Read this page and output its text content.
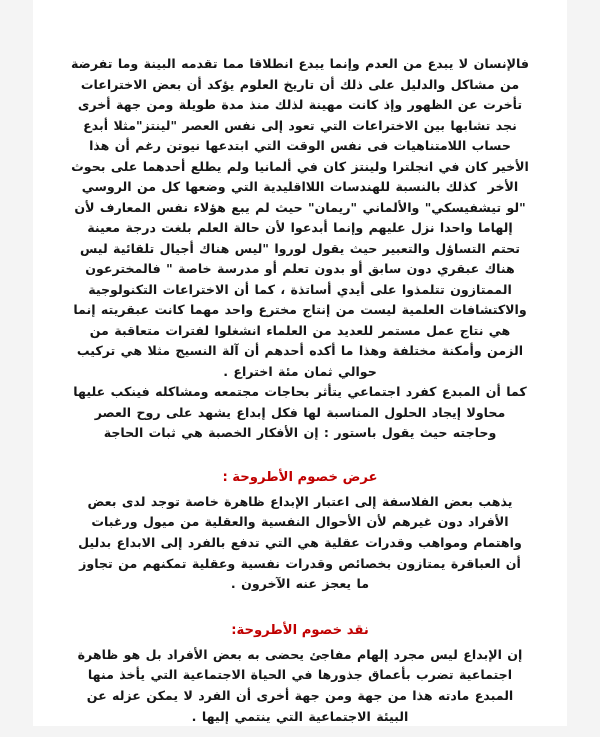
فالإنسان لا يبدع من العدم وإنما يبدع انطلاقا مما تقدمه البينة وما تفرضة من مشاكل والدليل على ذلك أن تاريخ العلوم يؤكد أن بعض الاختراعات تأخرت عن الظهور وإذ كانت مهينة لذلك منذ مدة طويلة ومن جهة أخرى نجد تشابها بين الاختراعات التي تعود إلى نفس العصر "لينتز"مثلا أبدع حساب اللامتناهيات فى نفس الوقت التي ابتدعها نيوتن رغم أن هذا الأخير كان في انجلترا ولينتز كان في ألمانيا ولم يطلع أحدهما على بحوث الأخر  كذلك بالنسبة للهندسات اللااقليدية التي وضعها كل من الروسي "لو تيشفيسكي" والألماني "ريمان" حيث لم يبع هؤلاء نفس المعارف لأن إلهاما واحدا نزل عليهم وإنما أبدعوا لأن حالة العلم بلغت درجة معينة تحتم التساؤل والتعبير حيث يقول لوروا "ليس هناك أجيال تلقائية ليس هناك عبقري دون سابق أو بدون تعلم أو مدرسة خاصة " فالمخترعون الممتازون تتلمذوا على أيدي أساتذة ، كما أن الاختراعات التكنولوجية والاكتشافات العلمية ليست من إنتاج مخترع واحد مهما كانت عبقريته إنما هي نتاج عمل مستمر للعديد من العلماء انشغلوا لفترات متعاقبة من الزمن وأمكنة مختلفة وهذا ما أكده أحدهم أن آلة النسيج مثلا هي تركيب حوالي ثمان مئة اختراع .

كما أن المبدع كفرد اجتماعي يتأثر بحاجات مجتمعه ومشاكله فينكب عليها محاولا إيجاد الحلول المناسبة لها فكل إبداع يشهد على روح العصر وحاجته حيث يقول باستور : إن الأفكار الخصبة هي ثبات الحاجة

عرض خصوم الأطروحة :

يذهب بعض الفلاسفة إلى اعتبار الإبداع ظاهرة خاصة توجد لدى بعض الأفراد دون غيرهم لأن الأحوال النفسية والعقلية من ميول ورغبات واهتمام ومواهب وقدرات عقلية هي التي تدفع بالفرد إلى الابداع بدليل أن العباقرة يمتازون بخصائص وقدرات نفسية وعقلية تمكنهم من تجاوز ما يعجز عنه الآخرون .

نقد خصوم الأطروحة:

إن الإبداع ليس مجرد إلهام مفاجئ يحضى به بعض الأفراد بل هو ظاهرة اجتماعية تضرب بأعماق جذورها في الحياة الاجتماعية التي يأخذ منها المبدع مادته هذا من جهة ومن جهة أخرى أن الفرد لا يمكن عزله عن البيئة الاجتماعية التي ينتمي إليها .
